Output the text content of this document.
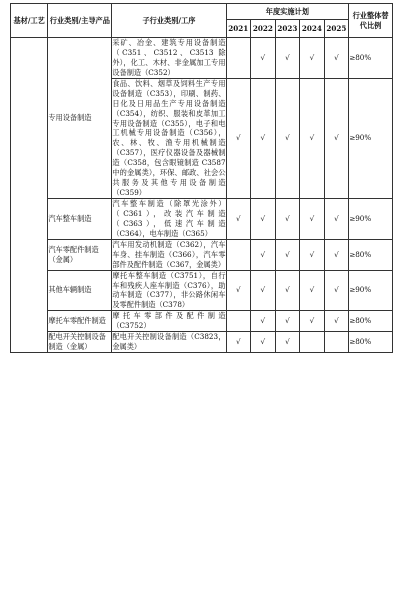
基材/工艺	行业类别/主导产品	子行业类别/工序	年度实施计划					行业整体替代比例
			2021	2022	2023	2024	2025	
	专用设备制造	采矿、冶金、建筑专用设备制造（C351、C3512、C3513 除外），化工、木材、非金属加工专用设备制造（C352）		√	√	√	√	≥80%
		食品、饮料、烟草及饲料生产专用设备制造（C353），印刷、制药、日化及日用品生产专用设备制造（C354），纺织、服装和皮革加工专用设备制造（C355），电子和电工机械专用设备制造（C356），农、林、牧、渔专用机械制造（C357），医疗仪器设备及器械制造（C358，包含眼镜制造 C3587 中的金属类），环保、邮政、社会公共服务及其他专用设备制造（C359）	√	√	√	√	√	≥90%
	汽车整车制造	汽车整车制造（除罩光涂外）（C361），改装汽车制造（C363），低速汽车制造（C364），电车制造（C365）	√	√	√	√	√	≥90%
	汽车零配件制造（金属）	汽车用发动机制造（C362），汽车车身、挂车制造（C366），汽车零部件及配件制造（C367，金属类）		√	√	√	√	≥80%
	其他车辆制造	摩托车整车制造（C3751），自行车和残疾人座车制造（C376），助动车制造（C377），非公路休闲车及零配件制造（C378）	√	√	√	√	√	≥90%
	摩托车零配件制造	摩托车零部件及配件制造（C3752）		√	√	√	√	≥80%
	配电开关控制设备制造（金属）	配电开关控制设备制造（C3823，金属类）	√	√	√			≥80%
